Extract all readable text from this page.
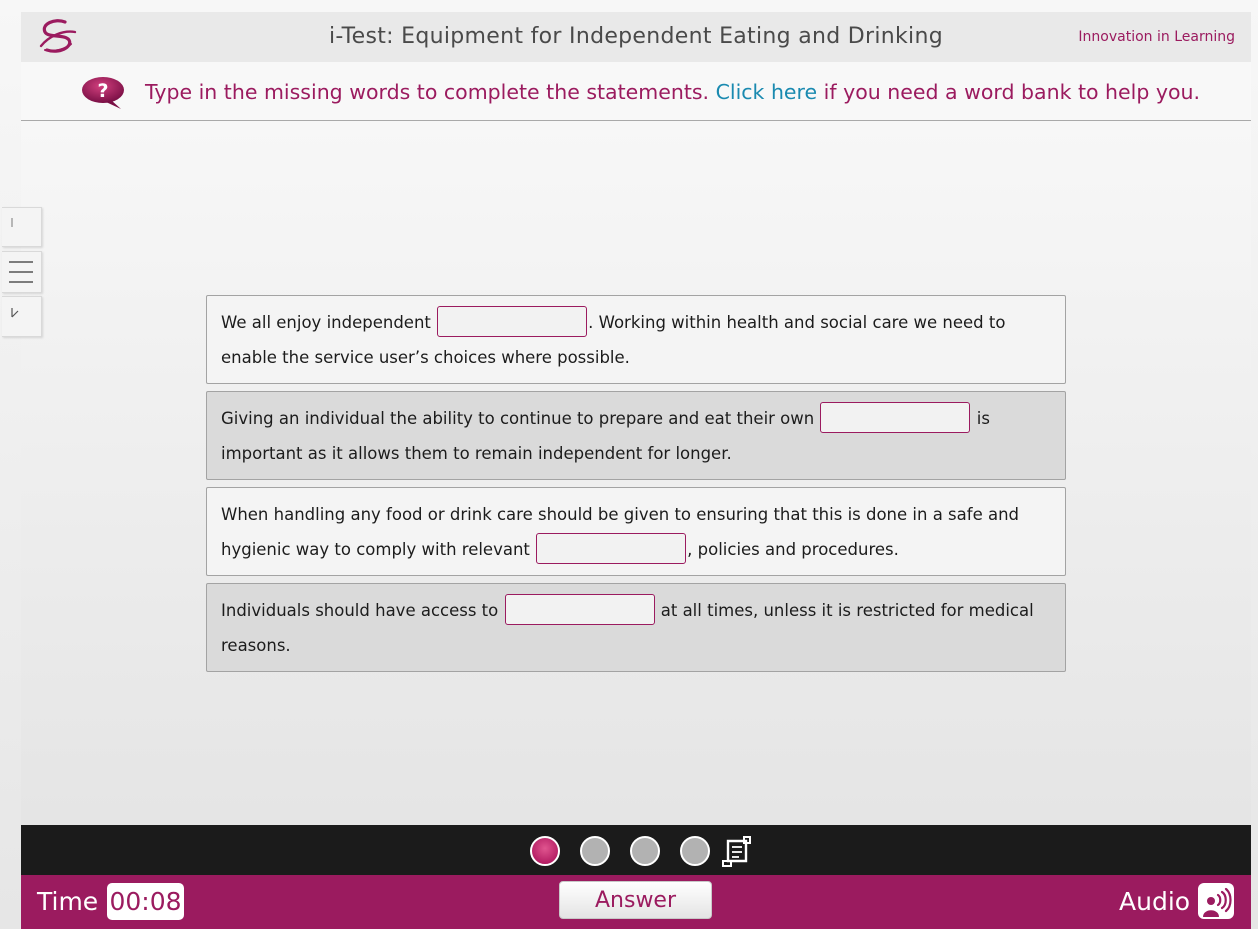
i-Test: Equipment for Independent Eating and Drinking	Innovation in Learning
? Type in the missing words to complete the statements. Click here if you need a word bank to help you.
We all enjoy independent	. Working within health and social care we need to enable the service user’s choices where possible.
Giving an individual the ability to continue to prepare and eat their own	is important as it allows them to remain independent for longer.
When handling any food or drink care should be given to ensuring that this is done in a safe and hygienic way to comply with relevant	, policies and procedures.
Individuals should have access to	at all times, unless it is restricted for medical reasons.
Time 00:08	Answer	Audio
